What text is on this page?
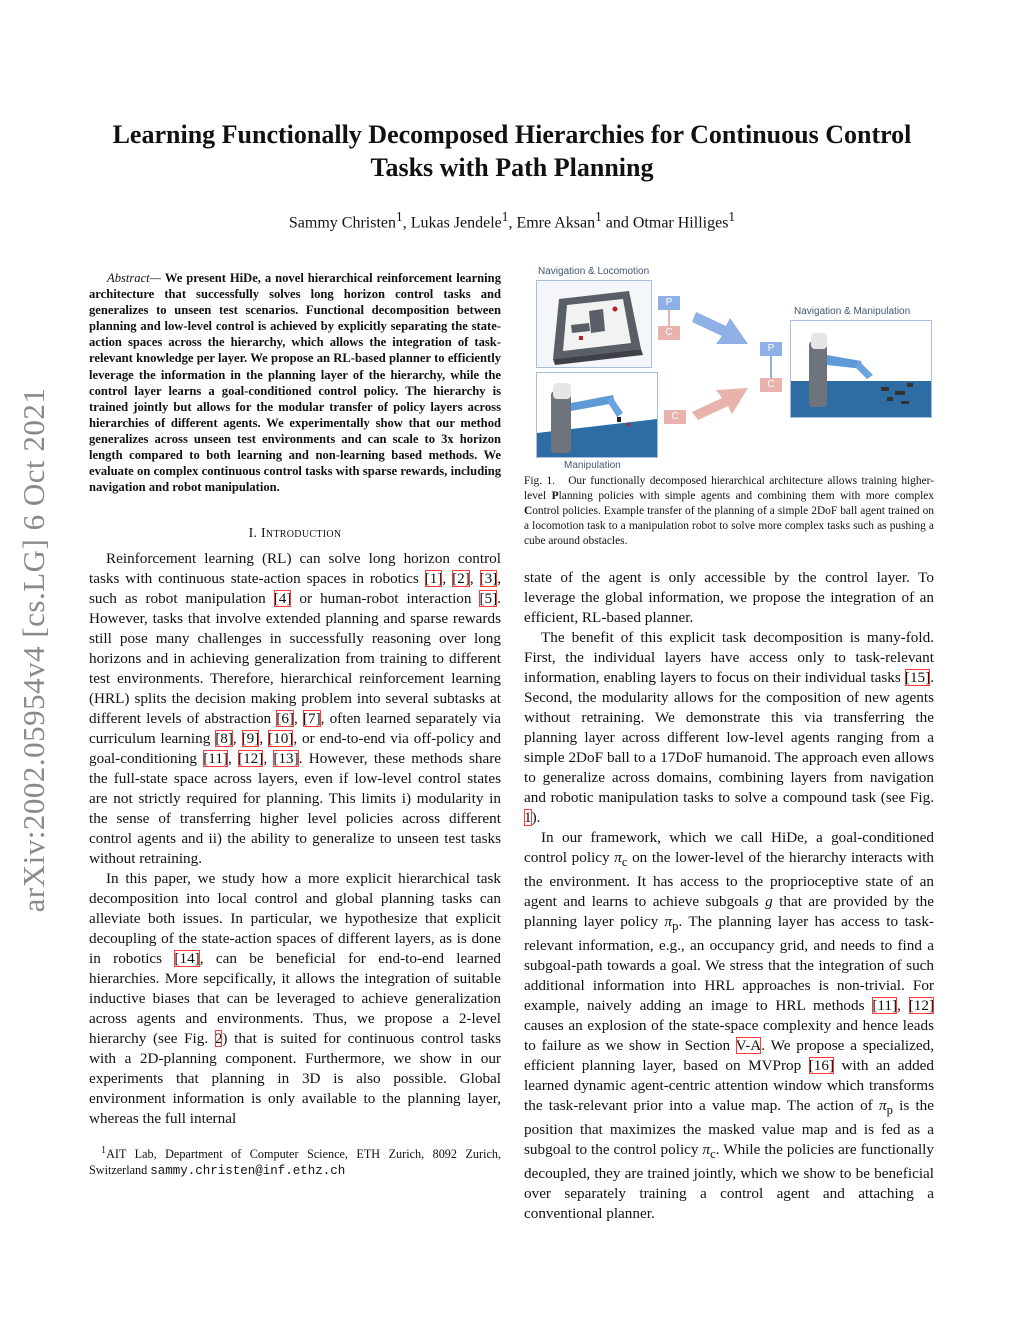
arXiv:2002.05954v4 [cs.LG] 6 Oct 2021
Learning Functionally Decomposed Hierarchies for Continuous Control
Tasks with Path Planning
Sammy Christen$^1$, Lukas Jendele$^1$, Emre Aksan$^1$ and Otmar Hilliges$^1$

Abstract— We present HiDe, a novel hierarchical reinforcement learning architecture that successfully solves long horizon control tasks and generalizes to unseen test scenarios. Functional decomposition between planning and low-level control is achieved by explicitly separating the state-action spaces across the hierarchy, which allows the integration of task-relevant knowledge per layer. We propose an RL-based planner to efficiently leverage the information in the planning layer of the hierarchy, while the control layer learns a goal-conditioned control policy. The hierarchy is trained jointly but allows for the modular transfer of policy layers across hierarchies of different agents. We experimentally show that our method generalizes across unseen test environments and can scale to 3x horizon length compared to both learning and non-learning based methods. We evaluate on complex continuous control tasks with sparse rewards, including navigation and robot manipulation.

I. Introduction

Reinforcement learning (RL) can solve long horizon control tasks with continuous state-action spaces in robotics [1], [2], [3], such as robot manipulation [4] or human-robot interaction [5]. However, tasks that involve extended planning and sparse rewards still pose many challenges in successfully reasoning over long horizons and in achieving generalization from training to different test environments. Therefore, hierarchical reinforcement learning (HRL) splits the decision making problem into several subtasks at different levels of abstraction [6], [7], often learned separately via curriculum learning [8], [9], [10], or end-to-end via off-policy and goal-conditioning [11], [12], [13]. However, these methods share the full-state space across layers, even if low-level control states are not strictly required for planning. This limits i) modularity in the sense of transferring higher level policies across different control agents and ii) the ability to generalize to unseen test tasks without retraining.

In this paper, we study how a more explicit hierarchical task decomposition into local control and global planning tasks can alleviate both issues. In particular, we hypothesize that explicit decoupling of the state-action spaces of different layers, as is done in robotics [14], can be beneficial for end-to-end learned hierarchies. More sepcifically, it allows the integration of suitable inductive biases that can be leveraged to achieve generalization across agents and environments. Thus, we propose a 2-level hierarchy (see Fig. 2) that is suited for continuous control tasks with a 2D-planning component. Furthermore, we show in our experiments that planning in 3D is also possible. Global environment information is only available to the planning layer, whereas the full internal

$^1$AIT Lab, Department of Computer Science, ETH Zurich, 8092 Zurich, Switzerland sammy.christen@inf.ethz.ch
Navigation & Locomotion
P
C
Navigation & Manipulation
P
C
C
Manipulation
Fig. 1. Our functionally decomposed hierarchical architecture allows training higher-level Planning policies with simple agents and combining them with more complex Control policies. Example transfer of the planning of a simple 2DoF ball agent trained on a locomotion task to a manipulation robot to solve more complex tasks such as pushing a cube around obstacles.

state of the agent is only accessible by the control layer. To leverage the global information, we propose the integration of an efficient, RL-based planner.

The benefit of this explicit task decomposition is many-fold. First, the individual layers have access only to task-relevant information, enabling layers to focus on their individual tasks [15]. Second, the modularity allows for the composition of new agents without retraining. We demonstrate this via transferring the planning layer across different low-level agents ranging from a simple 2DoF ball to a 17DoF humanoid. The approach even allows to generalize across domains, combining layers from navigation and robotic manipulation tasks to solve a compound task (see Fig. 1).

In our framework, which we call HiDe, a goal-conditioned control policy $\pi_c$ on the lower-level of the hierarchy interacts with the environment. It has access to the proprioceptive state of an agent and learns to achieve subgoals g that are provided by the planning layer policy $\pi_p$. The planning layer has access to task-relevant information, e.g., an occupancy grid, and needs to find a subgoal-path towards a goal. We stress that the integration of such additional information into HRL approaches is non-trivial. For example, naively adding an image to HRL methods [11], [12] causes an explosion of the state-space complexity and hence leads to failure as we show in Section V-A. We propose a specialized, efficient planning layer, based on MVProp [16] with an added learned dynamic agent-centric attention window which transforms the task-relevant prior into a value map. The action of $\pi_p$ is the position that maximizes the masked value map and is fed as a subgoal to the control policy $\pi_c$. While the policies are functionally decoupled, they are trained jointly, which we show to be beneficial over separately training a control agent and attaching a conventional planner.
